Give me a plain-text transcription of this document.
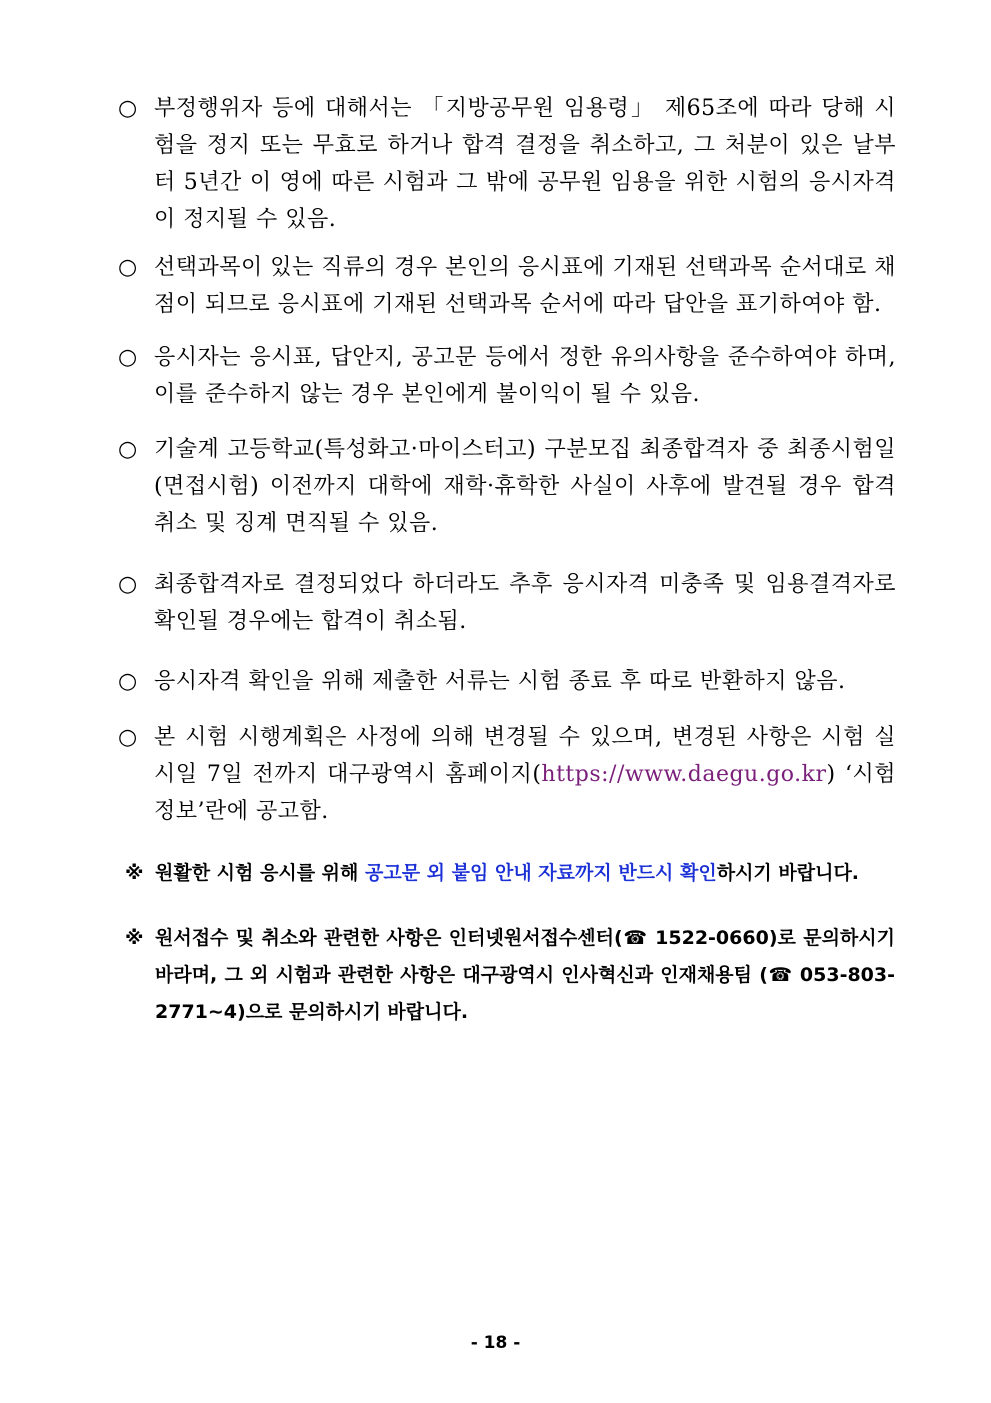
○ 부정행위자 등에 대해서는 「지방공무원 임용령」 제65조에 따라 당해 시험을 정지 또는 무효로 하거나 합격 결정을 취소하고, 그 처분이 있은 날부터 5년간 이 영에 따른 시험과 그 밖에 공무원 임용을 위한 시험의 응시자격이 정지될 수 있음.
○ 선택과목이 있는 직류의 경우 본인의 응시표에 기재된 선택과목 순서대로 채점이 되므로 응시표에 기재된 선택과목 순서에 따라 답안을 표기하여야 함.
○ 응시자는 응시표, 답안지, 공고문 등에서 정한 유의사항을 준수하여야 하며, 이를 준수하지 않는 경우 본인에게 불이익이 될 수 있음.
○ 기술계 고등학교(특성화고·마이스터고) 구분모집 최종합격자 중 최종시험일 (면접시험) 이전까지 대학에 재학·휴학한 사실이 사후에 발견될 경우 합격 취소 및 징계 면직될 수 있음.
○ 최종합격자로 결정되었다 하더라도 추후 응시자격 미충족 및 임용결격자로 확인될 경우에는 합격이 취소됨.
○ 응시자격 확인을 위해 제출한 서류는 시험 종료 후 따로 반환하지 않음.
○ 본 시험 시행계획은 사정에 의해 변경될 수 있으며, 변경된 사항은 시험 실시일 7일 전까지 대구광역시 홈페이지(https://www.daegu.go.kr) ‘시험 정보’란에 공고함.
※ 원활한 시험 응시를 위해 공고문 외 붙임 안내 자료까지 반드시 확인하시기 바랍니다.
※ 원서접수 및 취소와 관련한 사항은 인터넷원서접수센터(☎ 1522-0660)로 문의하시기 바라며, 그 외 시험과 관련한 사항은 대구광역시 인사혁신과 인재채용팀 (☎ 053-803-2771∼4)으로 문의하시기 바랍니다.
- 18 -
